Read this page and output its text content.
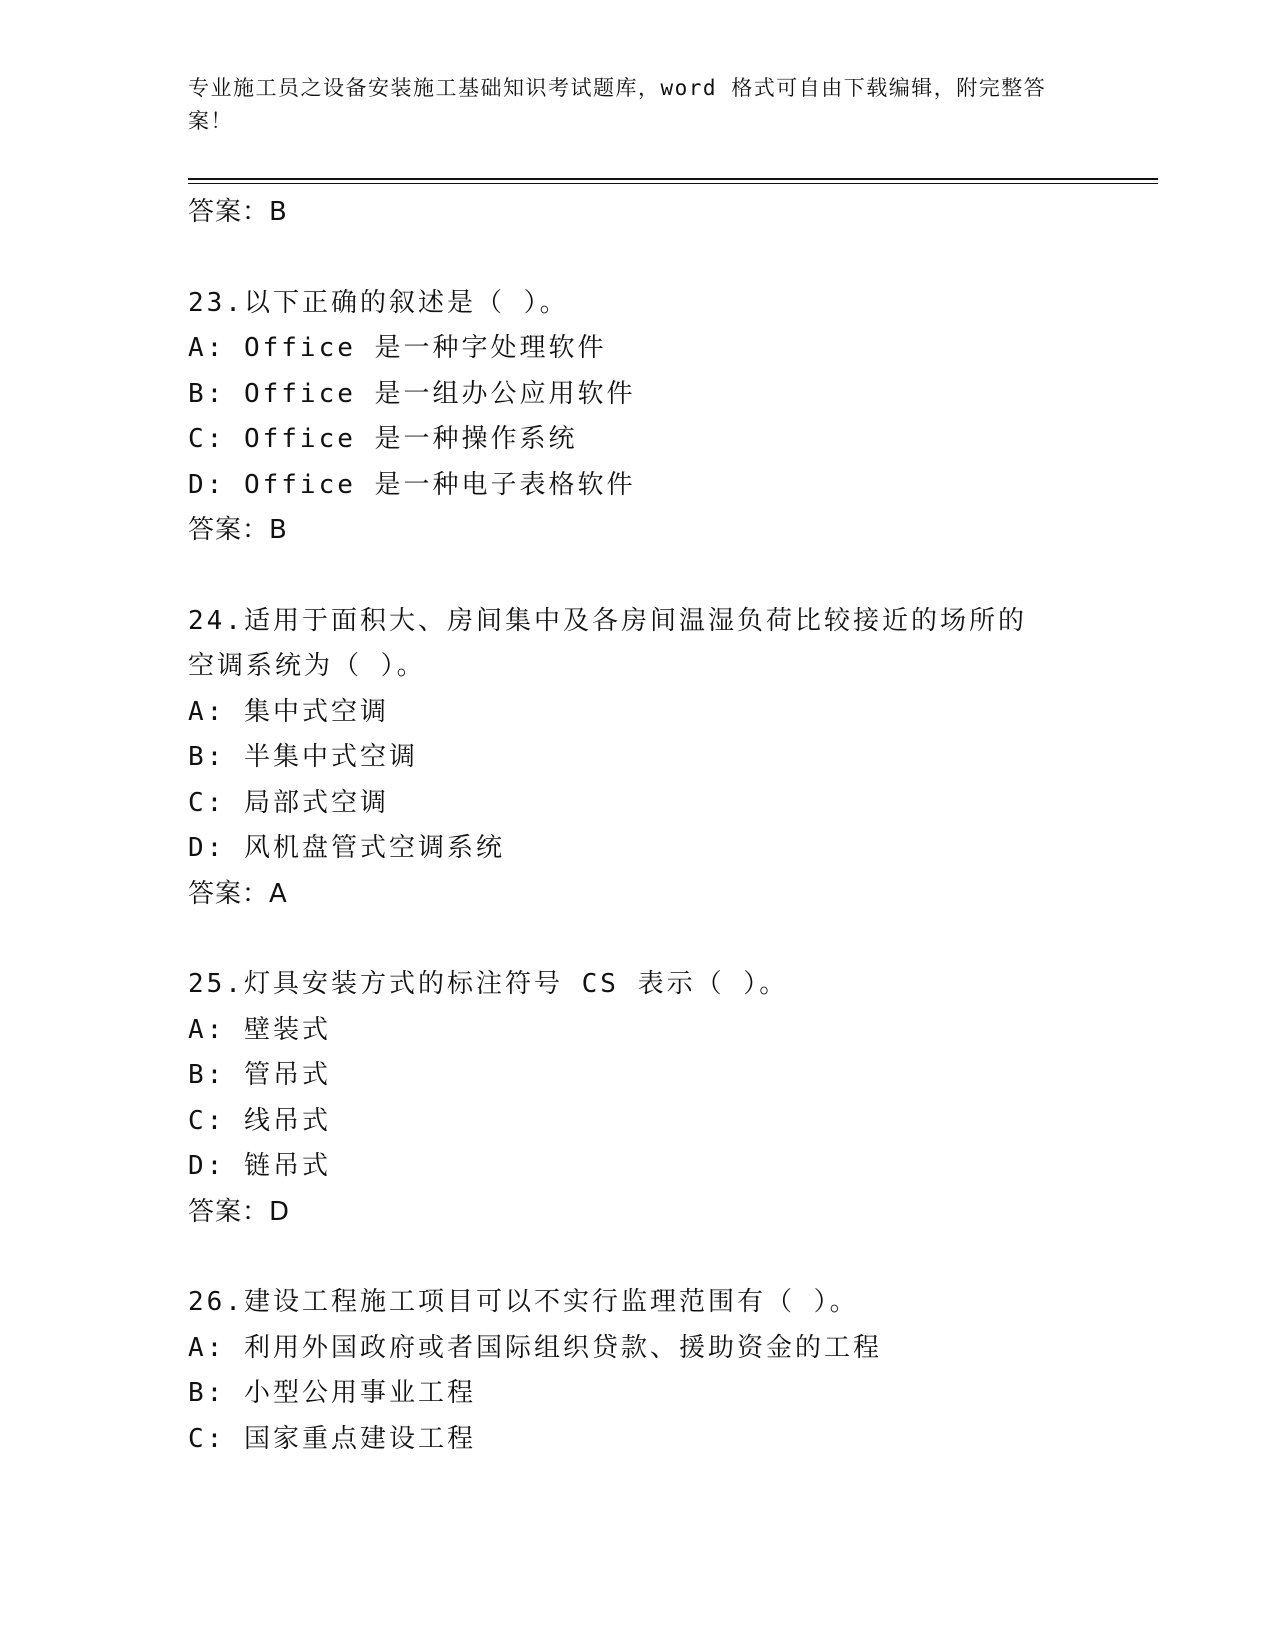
专业施工员之设备安装施工基础知识考试题库，word 格式可自由下载编辑，附完整答案！
答案：B
23.以下正确的叙述是（ ）。
A: Office 是一种字处理软件
B: Office 是一组办公应用软件
C: Office 是一种操作系统
D: Office 是一种电子表格软件
答案：B
24.适用于面积大、房间集中及各房间温湿负荷比较接近的场所的空调系统为（ ）。
A: 集中式空调
B: 半集中式空调
C: 局部式空调
D: 风机盘管式空调系统
答案：A
25.灯具安装方式的标注符号 CS 表示（ ）。
A: 壁装式
B: 管吊式
C: 线吊式
D: 链吊式
答案：D
26.建设工程施工项目可以不实行监理范围有（ ）。
A: 利用外国政府或者国际组织贷款、援助资金的工程
B: 小型公用事业工程
C: 国家重点建设工程
